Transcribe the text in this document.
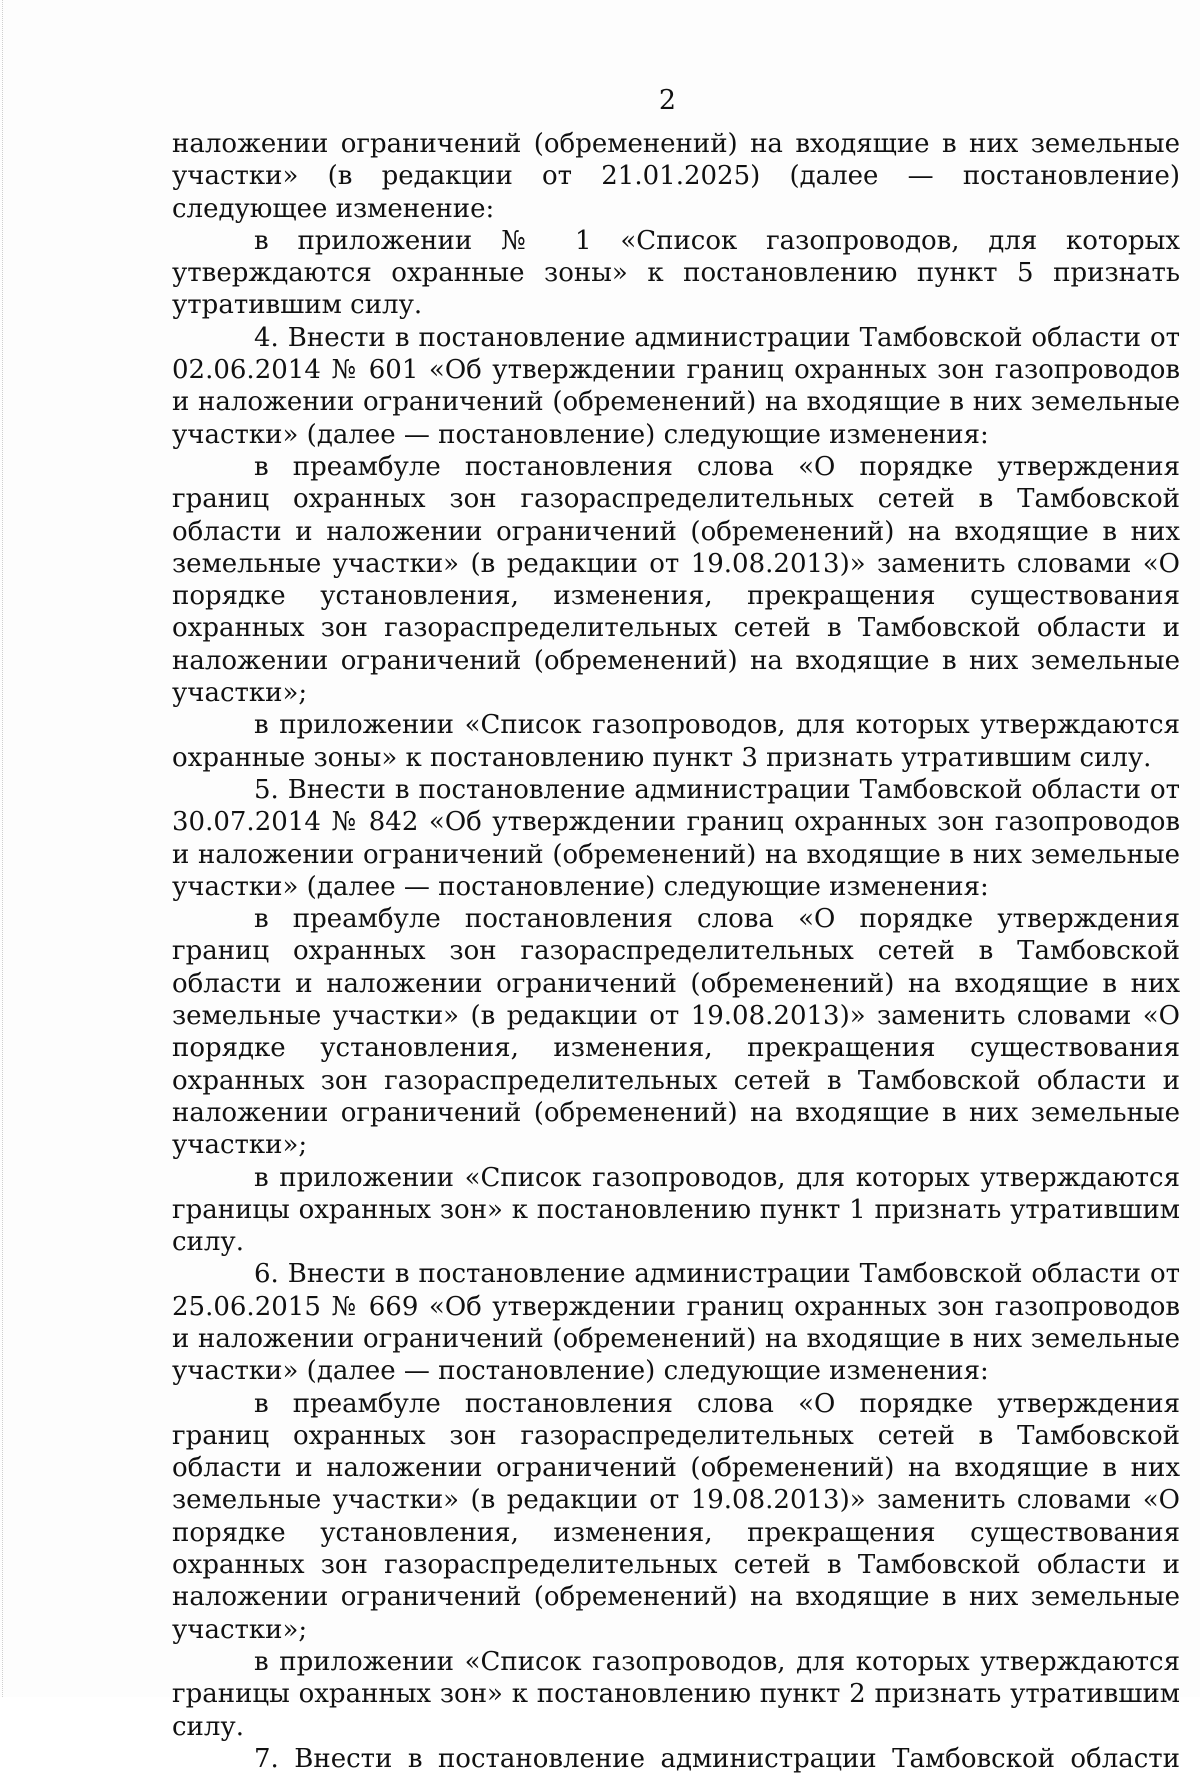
2

наложении ограничений (обременений) на входящие в них земельные участки» (в редакции от 21.01.2025) (далее — постановление) следующее изменение:

в приложении № 1 «Список газопроводов, для которых утверждаются охранные зоны» к постановлению пункт 5 признать утратившим силу.

4. Внести в постановление администрации Тамбовской области от 02.06.2014 № 601 «Об утверждении границ охранных зон газопроводов и наложении ограничений (обременений) на входящие в них земельные участки» (далее — постановление) следующие изменения:

в преамбуле постановления слова «О порядке утверждения границ охранных зон газораспределительных сетей в Тамбовской области и наложении ограничений (обременений) на входящие в них земельные участки» (в редакции от 19.08.2013)» заменить словами «О порядке установления, изменения, прекращения существования охранных зон газораспределительных сетей в Тамбовской области и наложении ограничений (обременений) на входящие в них земельные участки»;

в приложении «Список газопроводов, для которых утверждаются охранные зоны» к постановлению пункт 3 признать утратившим силу.

5. Внести в постановление администрации Тамбовской области от 30.07.2014 № 842 «Об утверждении границ охранных зон газопроводов и наложении ограничений (обременений) на входящие в них земельные участки» (далее — постановление) следующие изменения:

в преамбуле постановления слова «О порядке утверждения границ охранных зон газораспределительных сетей в Тамбовской области и наложении ограничений (обременений) на входящие в них земельные участки» (в редакции от 19.08.2013)» заменить словами «О порядке установления, изменения, прекращения существования охранных зон газораспределительных сетей в Тамбовской области и наложении ограничений (обременений) на входящие в них земельные участки»;

в приложении «Список газопроводов, для которых утверждаются границы охранных зон» к постановлению пункт 1 признать утратившим силу.

6. Внести в постановление администрации Тамбовской области от 25.06.2015 № 669 «Об утверждении границ охранных зон газопроводов и наложении ограничений (обременений) на входящие в них земельные участки» (далее — постановление) следующие изменения:

в преамбуле постановления слова «О порядке утверждения границ охранных зон газораспределительных сетей в Тамбовской области и наложении ограничений (обременений) на входящие в них земельные участки» (в редакции от 19.08.2013)» заменить словами «О порядке установления, изменения, прекращения существования охранных зон газораспределительных сетей в Тамбовской области и наложении ограничений (обременений) на входящие в них земельные участки»;

в приложении «Список газопроводов, для которых утверждаются границы охранных зон» к постановлению пункт 2 признать утратившим силу.

7. Внести в постановление администрации Тамбовской области
